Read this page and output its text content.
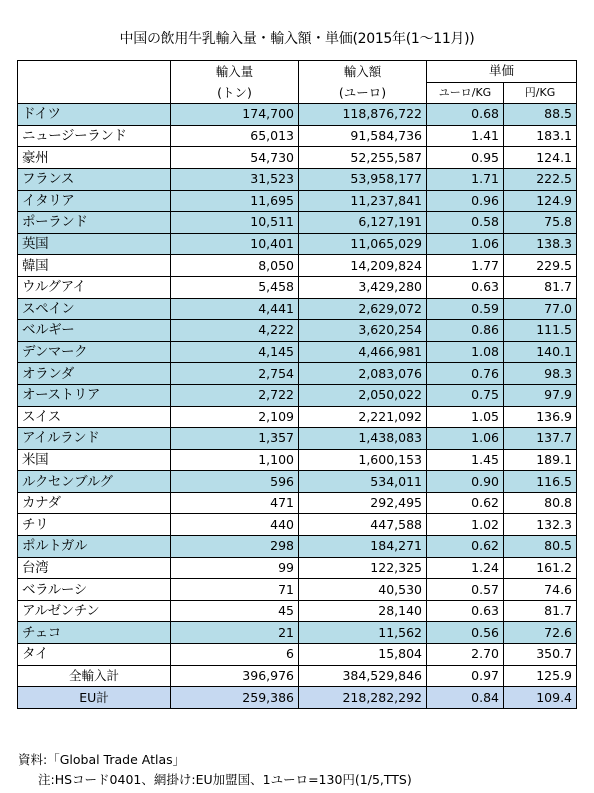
中国の飲用牛乳輸入量・輸入額・単価(2015年(1～11月))
	輸入量	輸入額	単価	
	(トン)	(ユーロ)	ユーロ/KG	円/KG
ドイツ	174,700	118,876,722	0.68	88.5
ニュージーランド	65,013	91,584,736	1.41	183.1
豪州	54,730	52,255,587	0.95	124.1
フランス	31,523	53,958,177	1.71	222.5
イタリア	11,695	11,237,841	0.96	124.9
ポーランド	10,511	6,127,191	0.58	75.8
英国	10,401	11,065,029	1.06	138.3
韓国	8,050	14,209,824	1.77	229.5
ウルグアイ	5,458	3,429,280	0.63	81.7
スペイン	4,441	2,629,072	0.59	77.0
ベルギー	4,222	3,620,254	0.86	111.5
デンマーク	4,145	4,466,981	1.08	140.1
オランダ	2,754	2,083,076	0.76	98.3
オーストリア	2,722	2,050,022	0.75	97.9
スイス	2,109	2,221,092	1.05	136.9
アイルランド	1,357	1,438,083	1.06	137.7
米国	1,100	1,600,153	1.45	189.1
ルクセンブルグ	596	534,011	0.90	116.5
カナダ	471	292,495	0.62	80.8
チリ	440	447,588	1.02	132.3
ポルトガル	298	184,271	0.62	80.5
台湾	99	122,325	1.24	161.2
ベラルーシ	71	40,530	0.57	74.6
アルゼンチン	45	28,140	0.63	81.7
チェコ	21	11,562	0.56	72.6
タイ	6	15,804	2.70	350.7
全輸入計	396,976	384,529,846	0.97	125.9
EU計	259,386	218,282,292	0.84	109.4
資料:「Global Trade Atlas」
注:HSコード0401、網掛け:EU加盟国、1ユーロ=130円(1/5,TTS)
